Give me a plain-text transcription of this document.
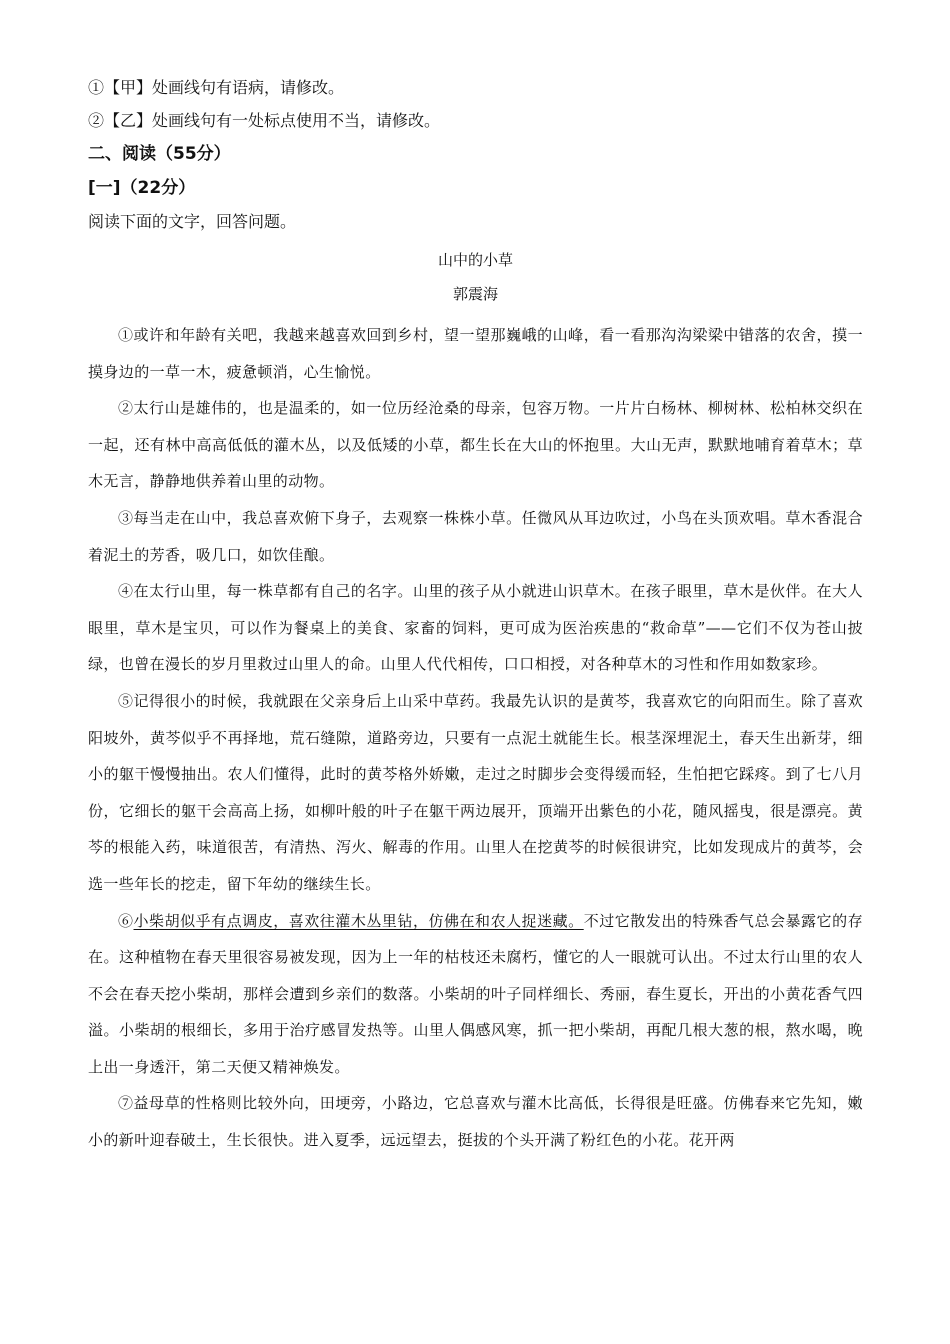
①【甲】处画线句有语病，请修改。

②【乙】处画线句有一处标点使用不当，请修改。

二、阅读（55分）

[一]（22分）

阅读下面的文字，回答问题。

山中的小草

郭震海

①或许和年龄有关吧，我越来越喜欢回到乡村，望一望那巍峨的山峰，看一看那沟沟梁梁中错落的农舍，摸一摸身边的一草一木，疲惫顿消，心生愉悦。

②太行山是雄伟的，也是温柔的，如一位历经沧桑的母亲，包容万物。一片片白杨林、柳树林、松柏林交织在一起，还有林中高高低低的灌木丛，以及低矮的小草，都生长在大山的怀抱里。大山无声，默默地哺育着草木；草木无言，静静地供养着山里的动物。

③每当走在山中，我总喜欢俯下身子，去观察一株株小草。任微风从耳边吹过，小鸟在头顶欢唱。草木香混合着泥土的芳香，吸几口，如饮佳酿。

④在太行山里，每一株草都有自己的名字。山里的孩子从小就进山识草木。在孩子眼里，草木是伙伴。在大人眼里，草木是宝贝，可以作为餐桌上的美食、家畜的饲料，更可成为医治疾患的“救命草”——它们不仅为苍山披绿，也曾在漫长的岁月里救过山里人的命。山里人代代相传，口口相授，对各种草木的习性和作用如数家珍。

⑤记得很小的时候，我就跟在父亲身后上山采中草药。我最先认识的是黄芩，我喜欢它的向阳而生。除了喜欢阳坡外，黄芩似乎不再择地，荒石缝隙，道路旁边，只要有一点泥土就能生长。根茎深埋泥土，春天生出新芽，细小的躯干慢慢抽出。农人们懂得，此时的黄芩格外娇嫩，走过之时脚步会变得缓而轻，生怕把它踩疼。到了七八月份，它细长的躯干会高高上扬，如柳叶般的叶子在躯干两边展开，顶端开出紫色的小花，随风摇曳，很是漂亮。黄芩的根能入药，味道很苦，有清热、泻火、解毒的作用。山里人在挖黄芩的时候很讲究，比如发现成片的黄芩，会选一些年长的挖走，留下年幼的继续生长。

⑥小柴胡似乎有点调皮，喜欢往灌木丛里钻，仿佛在和农人捉迷藏。不过它散发出的特殊香气总会暴露它的存在。这种植物在春天里很容易被发现，因为上一年的枯枝还未腐朽，懂它的人一眼就可认出。不过太行山里的农人不会在春天挖小柴胡，那样会遭到乡亲们的数落。小柴胡的叶子同样细长、秀丽，春生夏长，开出的小黄花香气四溢。小柴胡的根细长，多用于治疗感冒发热等。山里人偶感风寒，抓一把小柴胡，再配几根大葱的根，熬水喝，晚上出一身透汗，第二天便又精神焕发。

⑦益母草的性格则比较外向，田埂旁，小路边，它总喜欢与灌木比高低，长得很是旺盛。仿佛春来它先知，嫩小的新叶迎春破土，生长很快。进入夏季，远远望去，挺拔的个头开满了粉红色的小花。花开两
